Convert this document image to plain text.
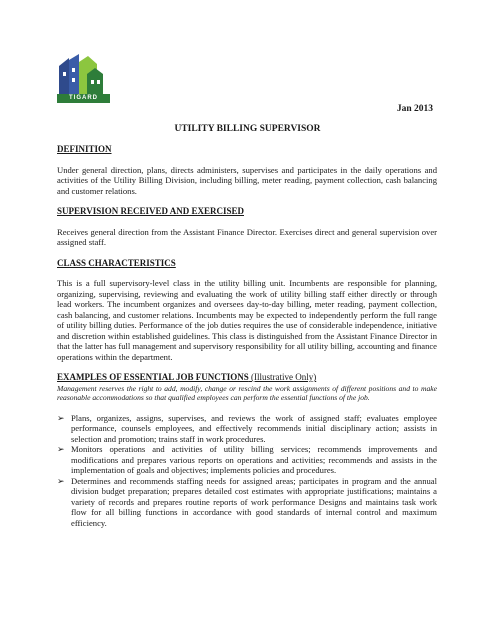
TIGARD
Jan 2013
UTILITY BILLING SUPERVISOR
DEFINITION

Under general direction, plans, directs administers, supervises and participates in the daily operations and activities of the Utility Billing Division, including billing, meter reading, payment collection, cash balancing and customer relations.

SUPERVISION RECEIVED AND EXERCISED

Receives general direction from the Assistant Finance Director. Exercises direct and general supervision over assigned staff.

CLASS CHARACTERISTICS

This is a full supervisory-level class in the utility billing unit. Incumbents are responsible for planning, organizing, supervising, reviewing and evaluating the work of utility billing staff either directly or through lead workers. The incumbent organizes and oversees day-to-day billing, meter reading, payment collection, cash balancing, and customer relations. Incumbents may be expected to independently perform the full range of utility billing duties. Performance of the job duties requires the use of considerable independence, initiative and discretion within established guidelines. This class is distinguished from the Assistant Finance Director in that the latter has full management and supervisory responsibility for all utility billing, accounting and finance operations within the department.

EXAMPLES OF ESSENTIAL JOB FUNCTIONS (Illustrative Only)
Management reserves the right to add, modify, change or rescind the work assignments of different positions and to make reasonable accommodations so that qualified employees can perform the essential functions of the job.
➢ Plans, organizes, assigns, supervises, and reviews the work of assigned staff; evaluates employee performance, counsels employees, and effectively recommends initial disciplinary action; assists in selection and promotion; trains staff in work procedures.
➢ Monitors operations and activities of utility billing services; recommends improvements and modifications and prepares various reports on operations and activities; recommends and assists in the implementation of goals and objectives; implements policies and procedures.
➢ Determines and recommends staffing needs for assigned areas; participates in program and the annual division budget preparation; prepares detailed cost estimates with appropriate justifications; maintains a variety of records and prepares routine reports of work performance Designs and maintains task work flow for all billing functions in accordance with good standards of internal control and maximum efficiency.
